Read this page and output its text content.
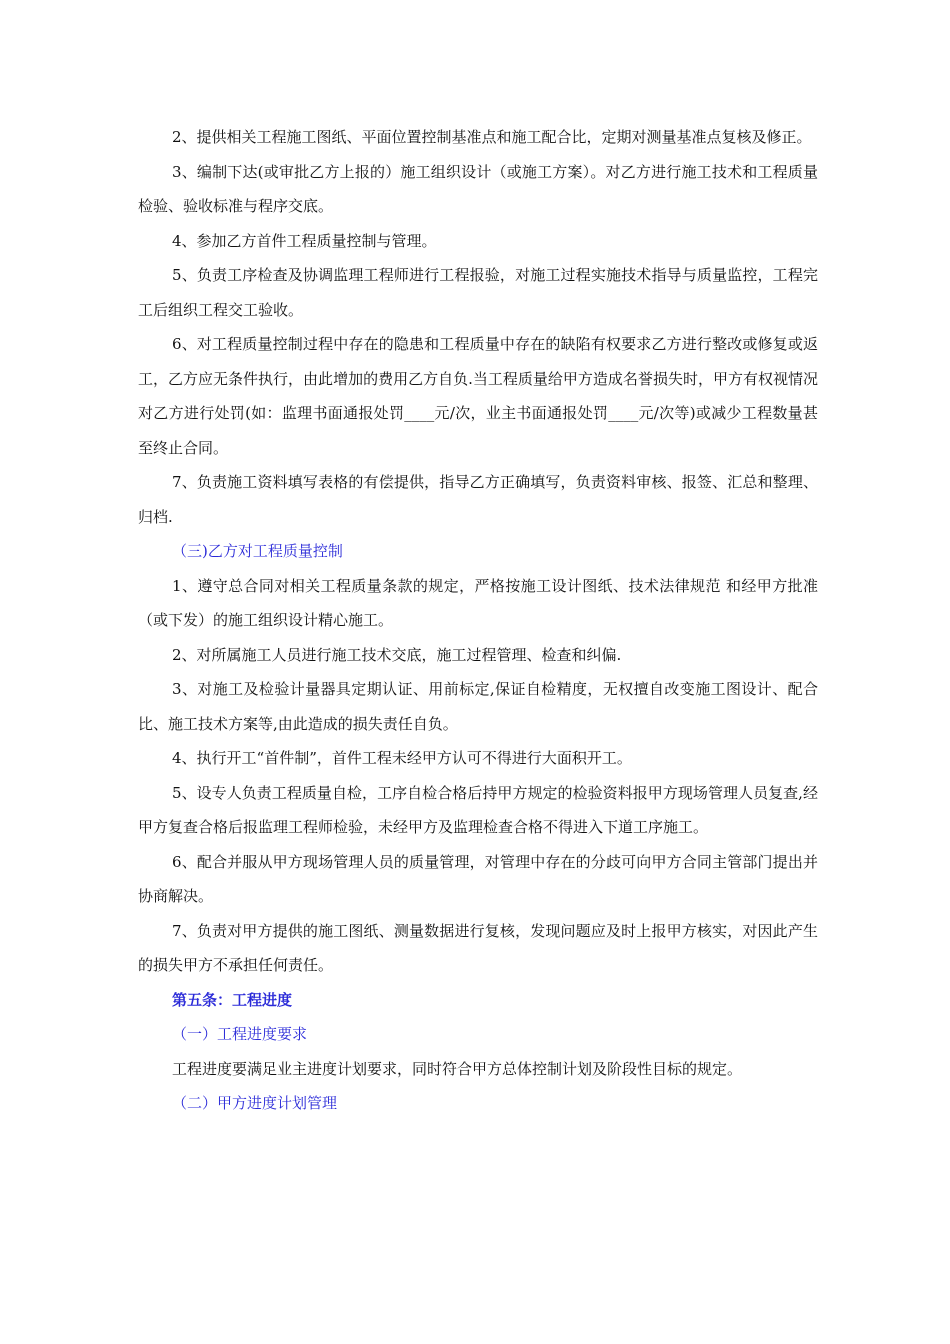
2、提供相关工程施工图纸、平面位置控制基准点和施工配合比，定期对测量基准点复核及修正。

3、编制下达(或审批乙方上报的）施工组织设计（或施工方案）。对乙方进行施工技术和工程质量检验、验收标准与程序交底。

4、参加乙方首件工程质量控制与管理。

5、负责工序检查及协调监理工程师进行工程报验，对施工过程实施技术指导与质量监控，工程完工后组织工程交工验收。

6、对工程质量控制过程中存在的隐患和工程质量中存在的缺陷有权要求乙方进行整改或修复或返工，乙方应无条件执行，由此增加的费用乙方自负.当工程质量给甲方造成名誉损失时，甲方有权视情况对乙方进行处罚(如：监理书面通报处罚____元/次，业主书面通报处罚____元/次等)或减少工程数量甚至终止合同。

7、负责施工资料填写表格的有偿提供，指导乙方正确填写，负责资料审核、报签、汇总和整理、归档.

（三)乙方对工程质量控制

1、遵守总合同对相关工程质量条款的规定，严格按施工设计图纸、技术法律规范 和经甲方批准（或下发）的施工组织设计精心施工。

2、对所属施工人员进行施工技术交底，施工过程管理、检查和纠偏.

3、对施工及检验计量器具定期认证、用前标定,保证自检精度，无权擅自改变施工图设计、配合比、施工技术方案等,由此造成的损失责任自负。

4、执行开工“首件制”，首件工程未经甲方认可不得进行大面积开工。

5、设专人负责工程质量自检，工序自检合格后持甲方规定的检验资料报甲方现场管理人员复查,经甲方复查合格后报监理工程师检验，未经甲方及监理检查合格不得进入下道工序施工。

6、配合并服从甲方现场管理人员的质量管理，对管理中存在的分歧可向甲方合同主管部门提出并协商解决。

7、负责对甲方提供的施工图纸、测量数据进行复核，发现问题应及时上报甲方核实，对因此产生的损失甲方不承担任何责任。

第五条：工程进度

（一）工程进度要求

工程进度要满足业主进度计划要求，同时符合甲方总体控制计划及阶段性目标的规定。

（二）甲方进度计划管理
